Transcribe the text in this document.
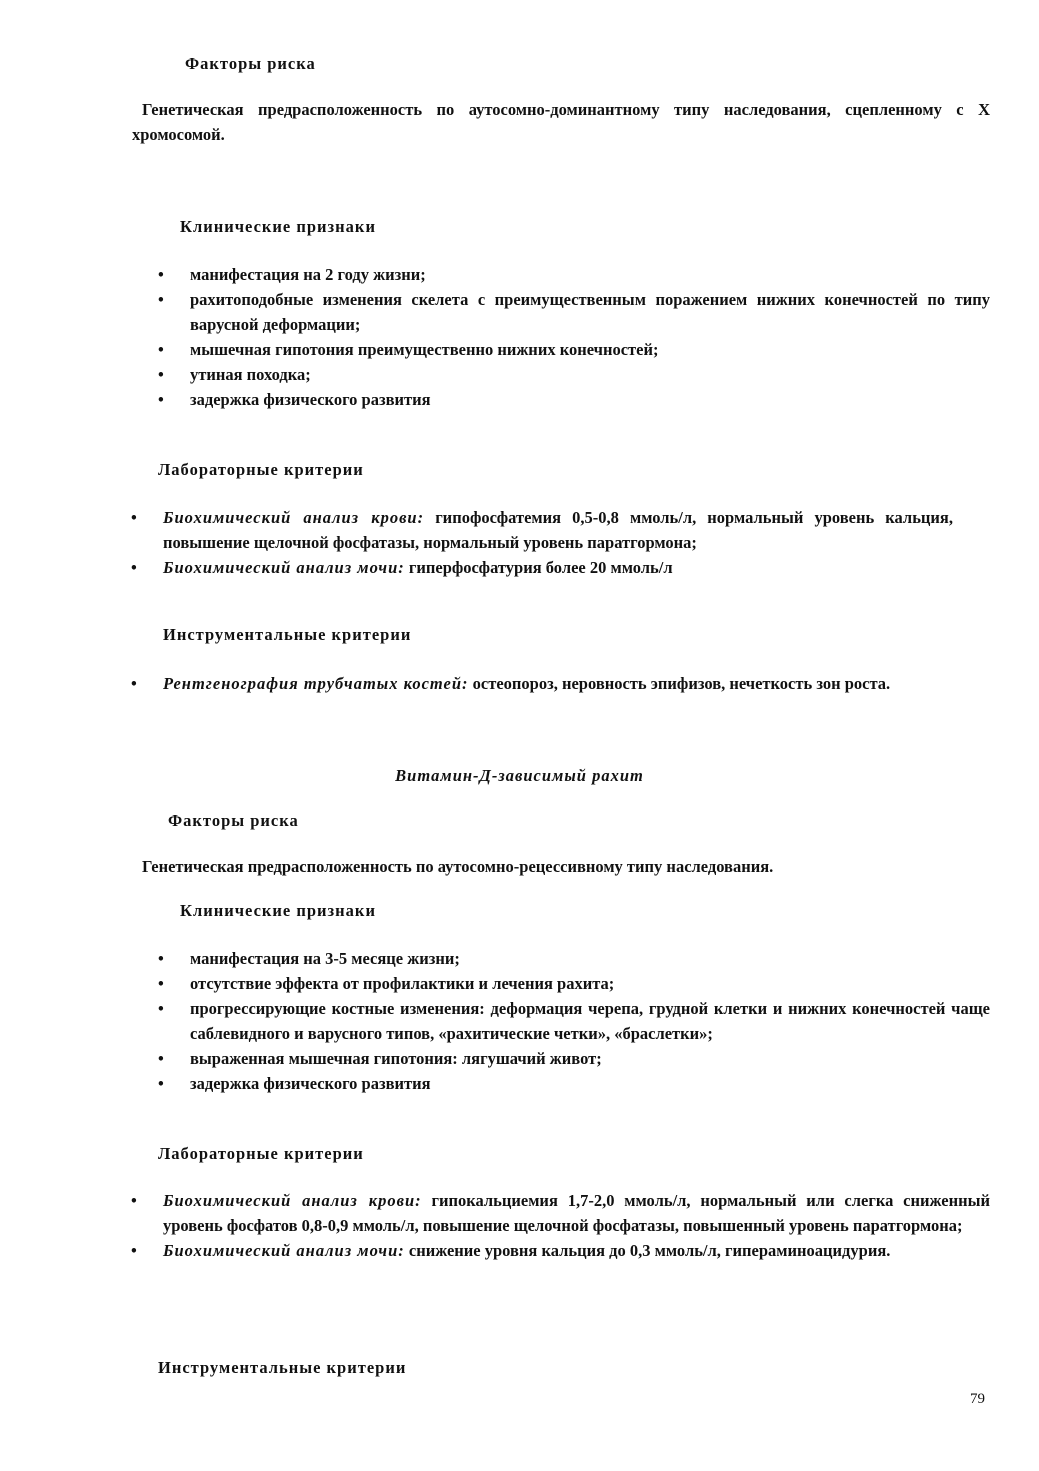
Факторы риска
Генетическая предрасположенность по аутосомно-доминантному типу наследования, сцепленному с Х хромосомой.
Клинические признаки
• манифестация на 2 году жизни;
• рахитоподобные изменения скелета с преимущественным поражением нижних конечностей по типу варусной деформации;
• мышечная гипотония преимущественно нижних конечностей;
• утиная походка;
• задержка физического развития
Лабораторные критерии
• Биохимический анализ крови: гипофосфатемия 0,5-0,8 ммоль/л, нормальный уровень кальция, повышение щелочной фосфатазы, нормальный уровень паратгормона;
• Биохимический анализ мочи: гиперфосфатурия более 20 ммоль/л
Инструментальные критерии
• Рентгенография трубчатых костей: остеопороз, неровность эпифизов, нечеткость зон роста.
Витамин-Д-зависимый рахит
Факторы риска
Генетическая предрасположенность по аутосомно-рецессивному типу наследования.
Клинические признаки
• манифестация на 3-5 месяце жизни;
• отсутствие эффекта от профилактики и лечения рахита;
• прогрессирующие костные изменения: деформация черепа, грудной клетки и нижних конечностей чаще саблевидного и варусного типов, «рахитические четки», «браслетки»;
• выраженная мышечная гипотония: лягушачий живот;
• задержка физического развития
Лабораторные критерии
• Биохимический анализ крови: гипокальциемия 1,7-2,0 ммоль/л, нормальный или слегка сниженный уровень фосфатов 0,8-0,9 ммоль/л, повышение щелочной фосфатазы, повышенный уровень паратгормона;
• Биохимический анализ мочи: снижение уровня кальция до 0,3 ммоль/л, гипераминоацидурия.
Инструментальные критерии
79
